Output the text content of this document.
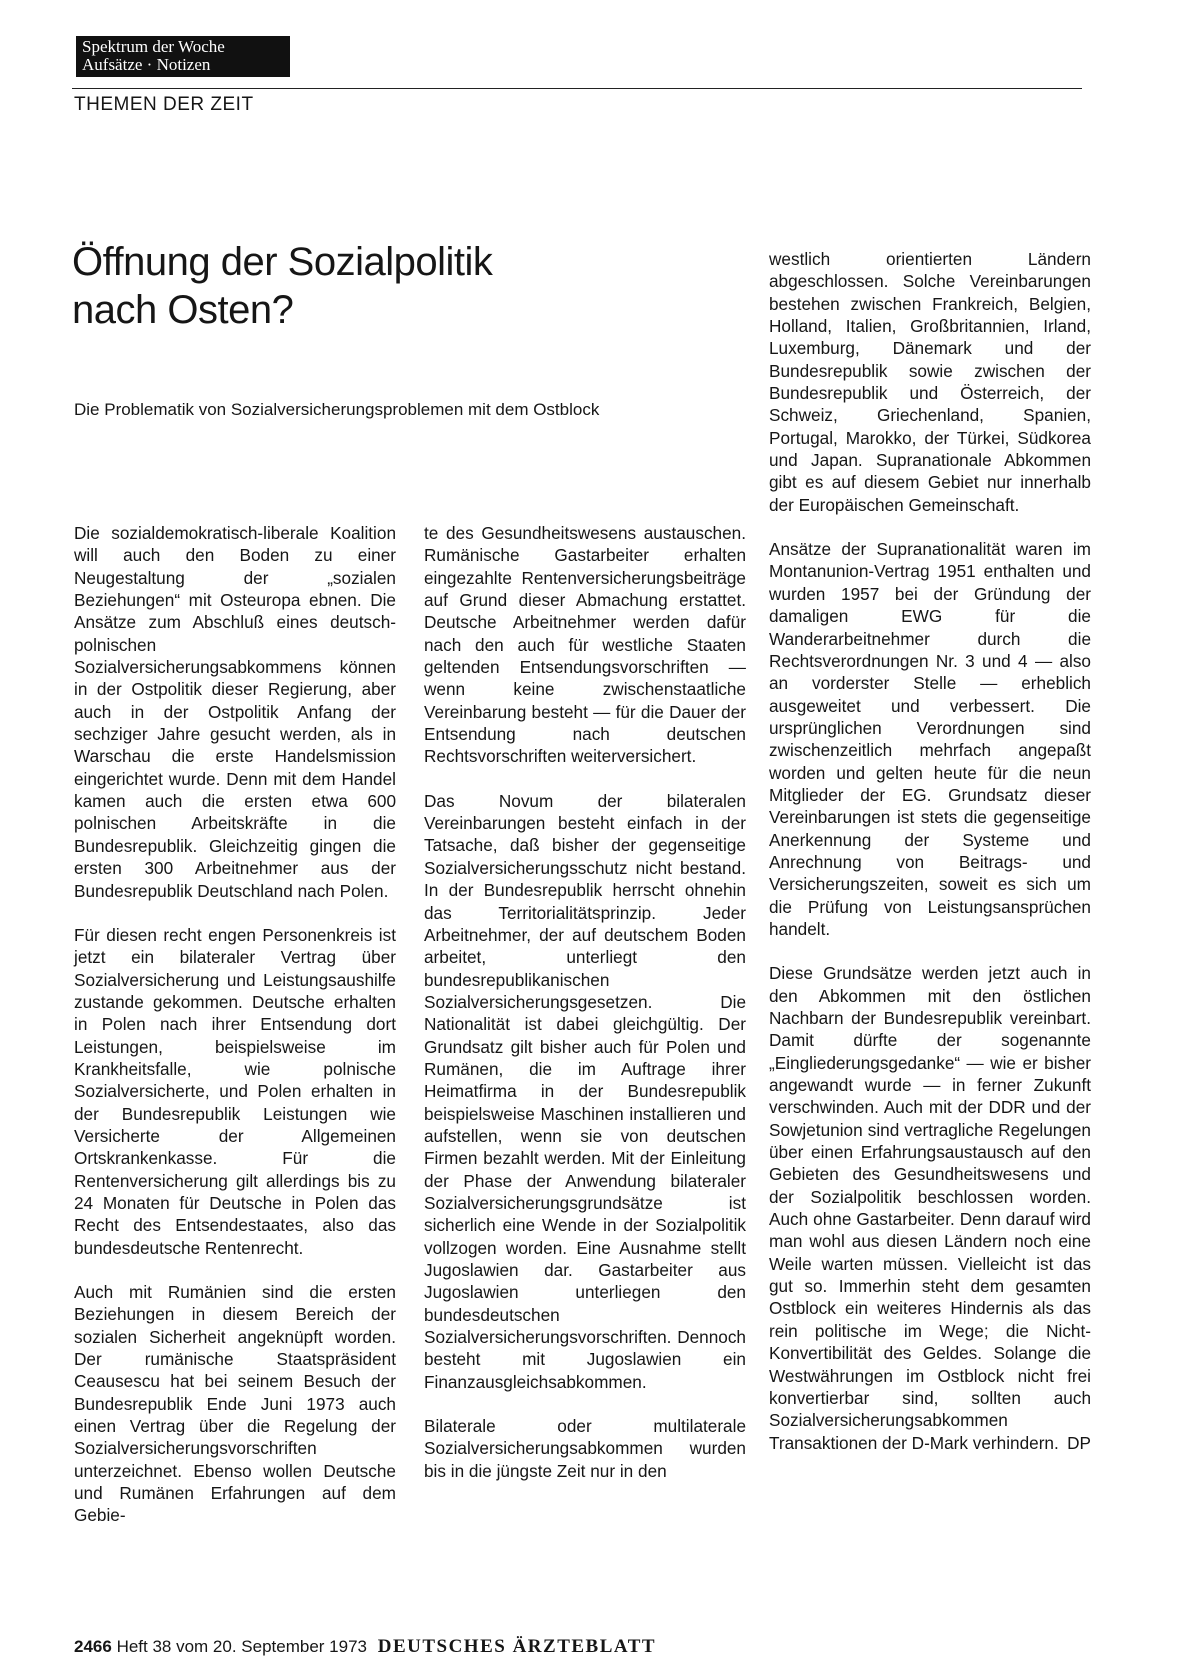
Spektrum der Woche
Aufsätze · Notizen
THEMEN DER ZEIT
Öffnung der Sozialpolitik
nach Osten?
Die Problematik von Sozialversicherungsproblemen mit dem Ostblock

Die sozialdemokratisch-liberale Koalition will auch den Boden zu einer Neugestaltung der „sozialen Beziehungen“ mit Osteuropa ebnen. Die Ansätze zum Abschluß eines deutsch-polnischen Sozialversicherungsabkommens können in der Ostpolitik dieser Regierung, aber auch in der Ostpolitik Anfang der sechziger Jahre gesucht werden, als in Warschau die erste Handelsmission eingerichtet wurde. Denn mit dem Handel kamen auch die ersten etwa 600 polnischen Arbeitskräfte in die Bundesrepublik. Gleichzeitig gingen die ersten 300 Arbeitnehmer aus der Bundesrepublik Deutschland nach Polen.

Für diesen recht engen Personenkreis ist jetzt ein bilateraler Vertrag über Sozialversicherung und Leistungsaushilfe zustande gekommen. Deutsche erhalten in Polen nach ihrer Entsendung dort Leistungen, beispielsweise im Krankheitsfalle, wie polnische Sozialversicherte, und Polen erhalten in der Bundesrepublik Leistungen wie Versicherte der Allgemeinen Ortskrankenkasse. Für die Rentenversicherung gilt allerdings bis zu 24 Monaten für Deutsche in Polen das Recht des Entsendestaates, also das bundesdeutsche Rentenrecht.

Auch mit Rumänien sind die ersten Beziehungen in diesem Bereich der sozialen Sicherheit angeknüpft worden. Der rumänische Staatspräsident Ceausescu hat bei seinem Besuch der Bundesrepublik Ende Juni 1973 auch einen Vertrag über die Regelung der Sozialversicherungsvorschriften unterzeichnet. Ebenso wollen Deutsche und Rumänen Erfahrungen auf dem Gebie-

te des Gesundheitswesens austauschen. Rumänische Gastarbeiter erhalten eingezahlte Rentenversicherungsbeiträge auf Grund dieser Abmachung erstattet. Deutsche Arbeitnehmer werden dafür nach den auch für westliche Staaten geltenden Entsendungsvorschriften — wenn keine zwischenstaatliche Vereinbarung besteht — für die Dauer der Entsendung nach deutschen Rechtsvorschriften weiterversichert.

Das Novum der bilateralen Vereinbarungen besteht einfach in der Tatsache, daß bisher der gegenseitige Sozialversicherungsschutz nicht bestand. In der Bundesrepublik herrscht ohnehin das Territorialitätsprinzip. Jeder Arbeitnehmer, der auf deutschem Boden arbeitet, unterliegt den bundesrepublikanischen Sozialversicherungsgesetzen. Die Nationalität ist dabei gleichgültig. Der Grundsatz gilt bisher auch für Polen und Rumänen, die im Auftrage ihrer Heimatfirma in der Bundesrepublik beispielsweise Maschinen installieren und aufstellen, wenn sie von deutschen Firmen bezahlt werden. Mit der Einleitung der Phase der Anwendung bilateraler Sozialversicherungsgrundsätze ist sicherlich eine Wende in der Sozialpolitik vollzogen worden. Eine Ausnahme stellt Jugoslawien dar. Gastarbeiter aus Jugoslawien unterliegen den bundesdeutschen Sozialversicherungsvorschriften. Dennoch besteht mit Jugoslawien ein Finanzausgleichsabkommen.

Bilaterale oder multilaterale Sozialversicherungsabkommen wurden bis in die jüngste Zeit nur in den

westlich orientierten Ländern abgeschlossen. Solche Vereinbarungen bestehen zwischen Frankreich, Belgien, Holland, Italien, Großbritannien, Irland, Luxemburg, Dänemark und der Bundesrepublik sowie zwischen der Bundesrepublik und Österreich, der Schweiz, Griechenland, Spanien, Portugal, Marokko, der Türkei, Südkorea und Japan. Supranationale Abkommen gibt es auf diesem Gebiet nur innerhalb der Europäischen Gemeinschaft.

Ansätze der Supranationalität waren im Montanunion-Vertrag 1951 enthalten und wurden 1957 bei der Gründung der damaligen EWG für die Wanderarbeitnehmer durch die Rechtsverordnungen Nr. 3 und 4 — also an vorderster Stelle — erheblich ausgeweitet und verbessert. Die ursprünglichen Verordnungen sind zwischenzeitlich mehrfach angepaßt worden und gelten heute für die neun Mitglieder der EG. Grundsatz dieser Vereinbarungen ist stets die gegenseitige Anerkennung der Systeme und Anrechnung von Beitrags- und Versicherungszeiten, soweit es sich um die Prüfung von Leistungsansprüchen handelt.

Diese Grundsätze werden jetzt auch in den Abkommen mit den östlichen Nachbarn der Bundesrepublik vereinbart. Damit dürfte der sogenannte „Eingliederungsgedanke“ — wie er bisher angewandt wurde — in ferner Zukunft verschwinden. Auch mit der DDR und der Sowjetunion sind vertragliche Regelungen über einen Erfahrungsaustausch auf den Gebieten des Gesundheitswesens und der Sozialpolitik beschlossen worden. Auch ohne Gastarbeiter. Denn darauf wird man wohl aus diesen Ländern noch eine Weile warten müssen. Vielleicht ist das gut so. Immerhin steht dem gesamten Ostblock ein weiteres Hindernis als das rein politische im Wege; die Nicht-Konvertibilität des Geldes. Solange die Westwährungen im Ostblock nicht frei konvertierbar sind, sollten auch Sozialversicherungsabkommen Transaktionen der D-Mark verhindern. DP

2466 Heft 38 vom 20. September 1973 DEUTSCHES ÄRZTEBLATT
